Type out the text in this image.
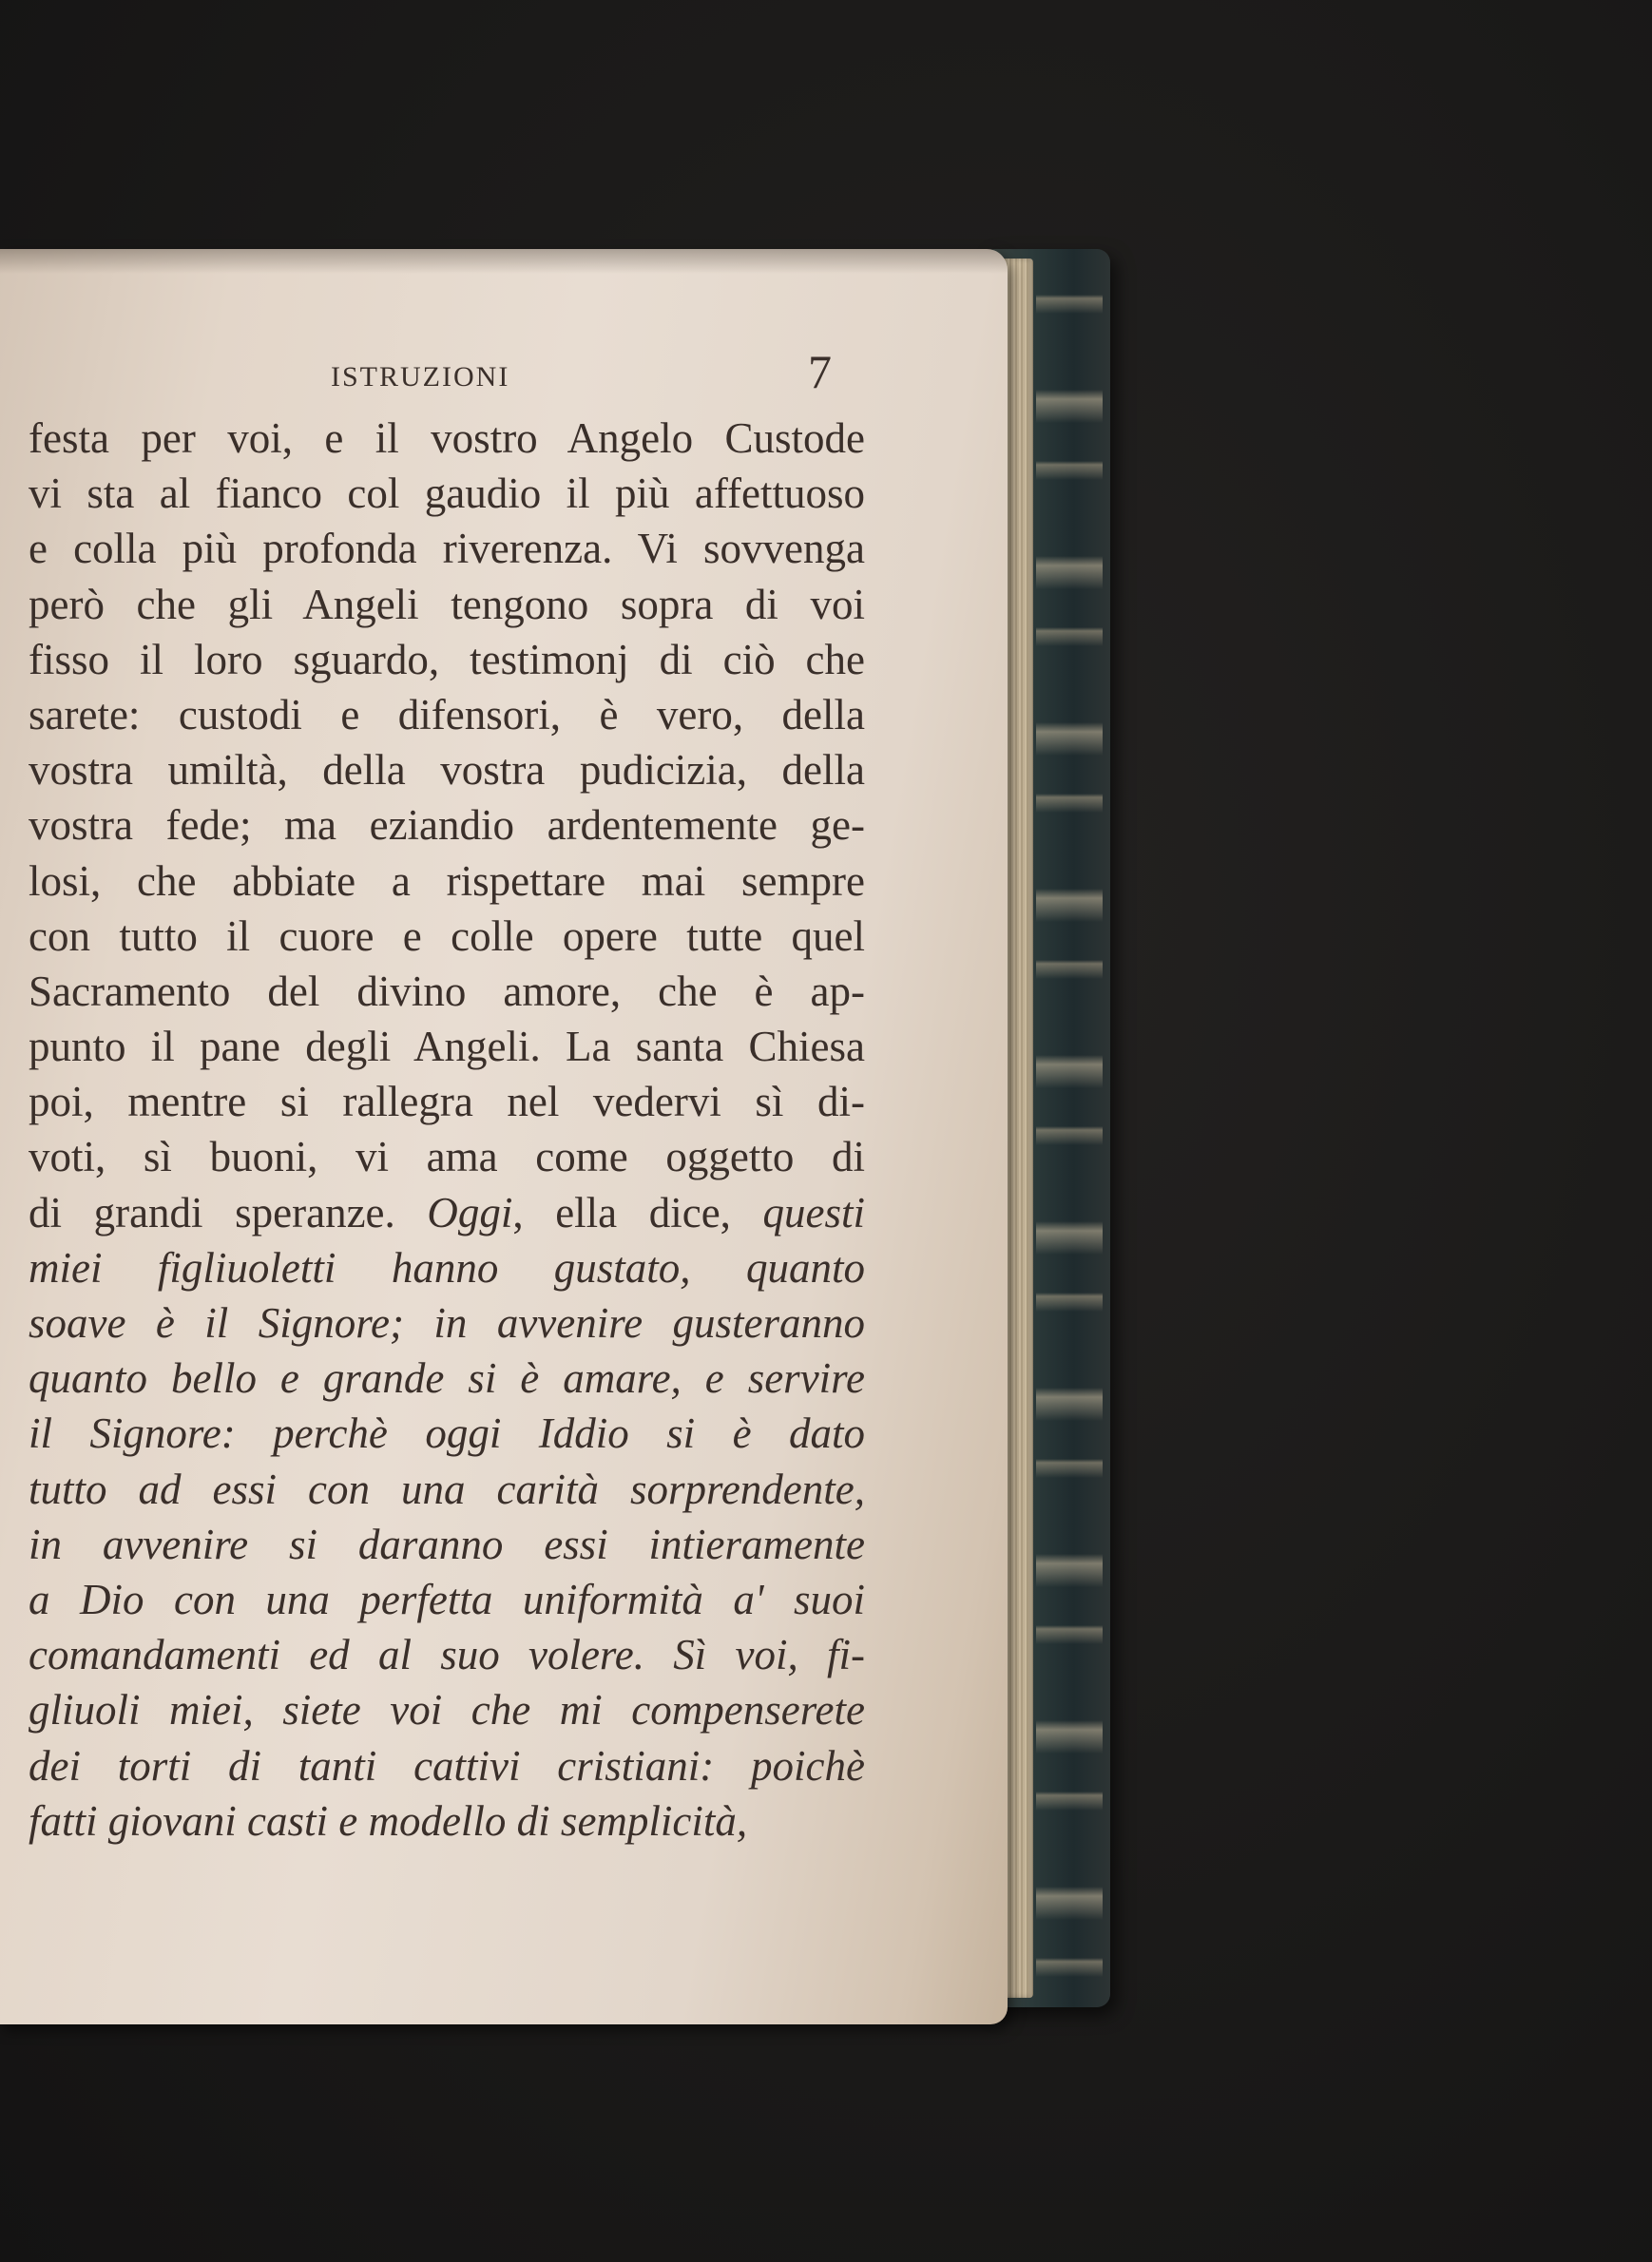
ISTRUZIONI	7
festa per voi, e il vostro Angelo Custode
vi sta al fianco col gaudio il più affettuoso
e colla più profonda riverenza. Vi sovvenga
però che gli Angeli tengono sopra di voi
fisso il loro sguardo, testimonj di ciò che
sarete: custodi e difensori, è vero, della
vostra umiltà, della vostra pudicizia, della
vostra fede; ma eziandio ardentemente ge-
losi, che abbiate a rispettare mai sempre
con tutto il cuore e colle opere tutte quel
Sacramento del divino amore, che è ap-
punto il pane degli Angeli. La santa Chiesa
poi, mentre si rallegra nel vedervi sì di-
voti, sì buoni, vi ama come oggetto di
di grandi speranze. Oggi, ella dice, questi
miei figliuoletti hanno gustato, quanto
soave è il Signore; in avvenire gusteranno
quanto bello e grande si è amare, e servire
il Signore: perchè oggi Iddio si è dato
tutto ad essi con una carità sorprendente,
in avvenire si daranno essi intieramente
a Dio con una perfetta uniformità a' suoi
comandamenti ed al suo volere. Sì voi, fi-
gliuoli miei, siete voi che mi compenserete
dei torti di tanti cattivi cristiani: poichè
fatti giovani casti e modello di semplicità,
